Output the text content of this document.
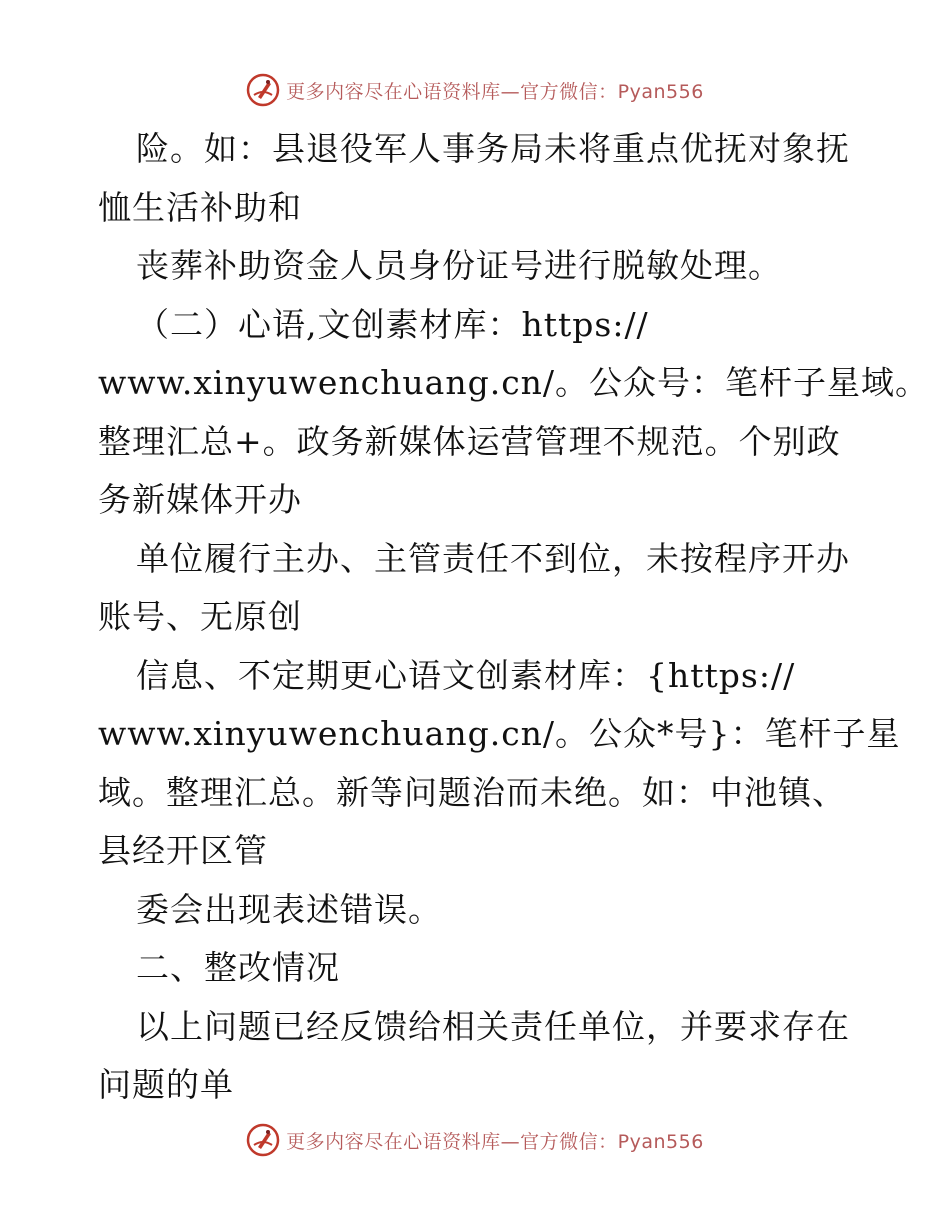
更多内容尽在心语资料库—官方微信：Pyan556
险。如：县退役军人事务局未将重点优抚对象抚
恤生活补助和
丧葬补助资金人员身份证号进行脱敏处理。
（二）心语,文创素材库：https://
www.xinyuwenchuang.cn/。公众号：笔杆子星域。
整理汇总+。政务新媒体运营管理不规范。个别政
务新媒体开办
单位履行主办、主管责任不到位，未按程序开办
账号、无原创
信息、不定期更心语文创素材库：{https://
www.xinyuwenchuang.cn/。公众*号}：笔杆子星
域。整理汇总。新等问题治而未绝。如：中池镇、
县经开区管
委会出现表述错误。
二、整改情况
以上问题已经反馈给相关责任单位，并要求存在
问题的单
更多内容尽在心语资料库—官方微信：Pyan556
